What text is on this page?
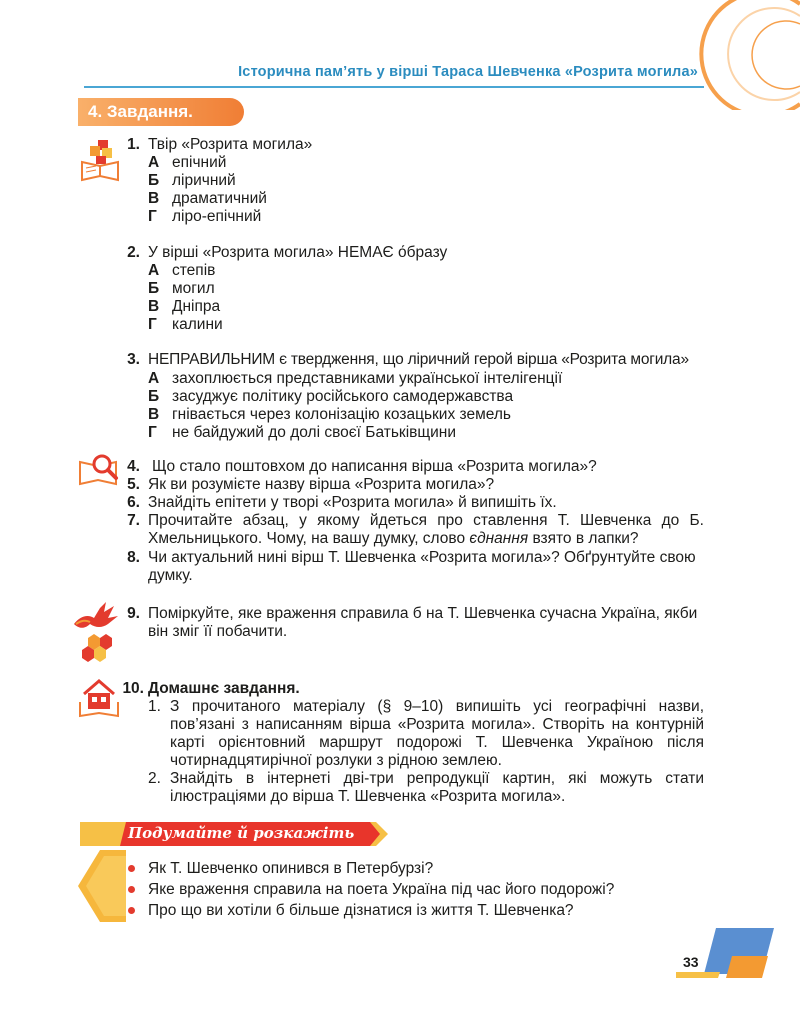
Історична пам’ять у вірші Тараса Шевченка «Розрита могила»
4. Завдання.
1. Твір «Розрита могила»
А епічний
Б ліричний
В драматичний
Г ліро-епічний
2. У вірші «Розрита могила» НЕМАЄ о́бразу
А степів
Б могил
В Дніпра
Г калини
3. НЕПРАВИЛЬНИМ є твердження, що ліричний герой вірша «Розрита могила»
А захоплюється представниками української інтелігенції
Б засуджує політику російського самодержавства
В гнівається через колонізацію козацьких земель
Г не байдужий до долі своєї Батьківщини
4. Що стало поштовхом до написання вірша «Розрита могила»?
5. Як ви розумієте назву вірша «Розрита могила»?
6. Знайдіть епітети у творі «Розрита могила» й випишіть їх.
7. Прочитайте абзац, у якому йдеться про ставлення Т. Шевченка до Б. Хмельницького. Чому, на вашу думку, слово єднання взято в лапки?
8. Чи актуальний нині вірш Т. Шевченка «Розрита могила»? Обґрунтуйте свою думку.
9. Поміркуйте, яке враження справила б на Т. Шевченка сучасна Україна, якби він зміг її побачити.
10. Домашнє завдання.
1. З прочитаного матеріалу (§ 9–10) випишіть усі географічні назви, пов’язані з написанням вірша «Розрита могила». Створіть на контурній карті орієнтовний маршрут подорожі Т. Шевченка Україною після чотирнадцятирічної розлуки з рідною землею.
2. Знайдіть в інтернеті дві-три репродукції картин, які можуть стати ілюстраціями до вірша Т. Шевченка «Розрита могила».
Подумайте й розкажіть
Як Т. Шевченко опинився в Петербурзі?
Яке враження справила на поета Україна під час його подорожі?
Про що ви хотіли б більше дізнатися із життя Т. Шевченка?
33
